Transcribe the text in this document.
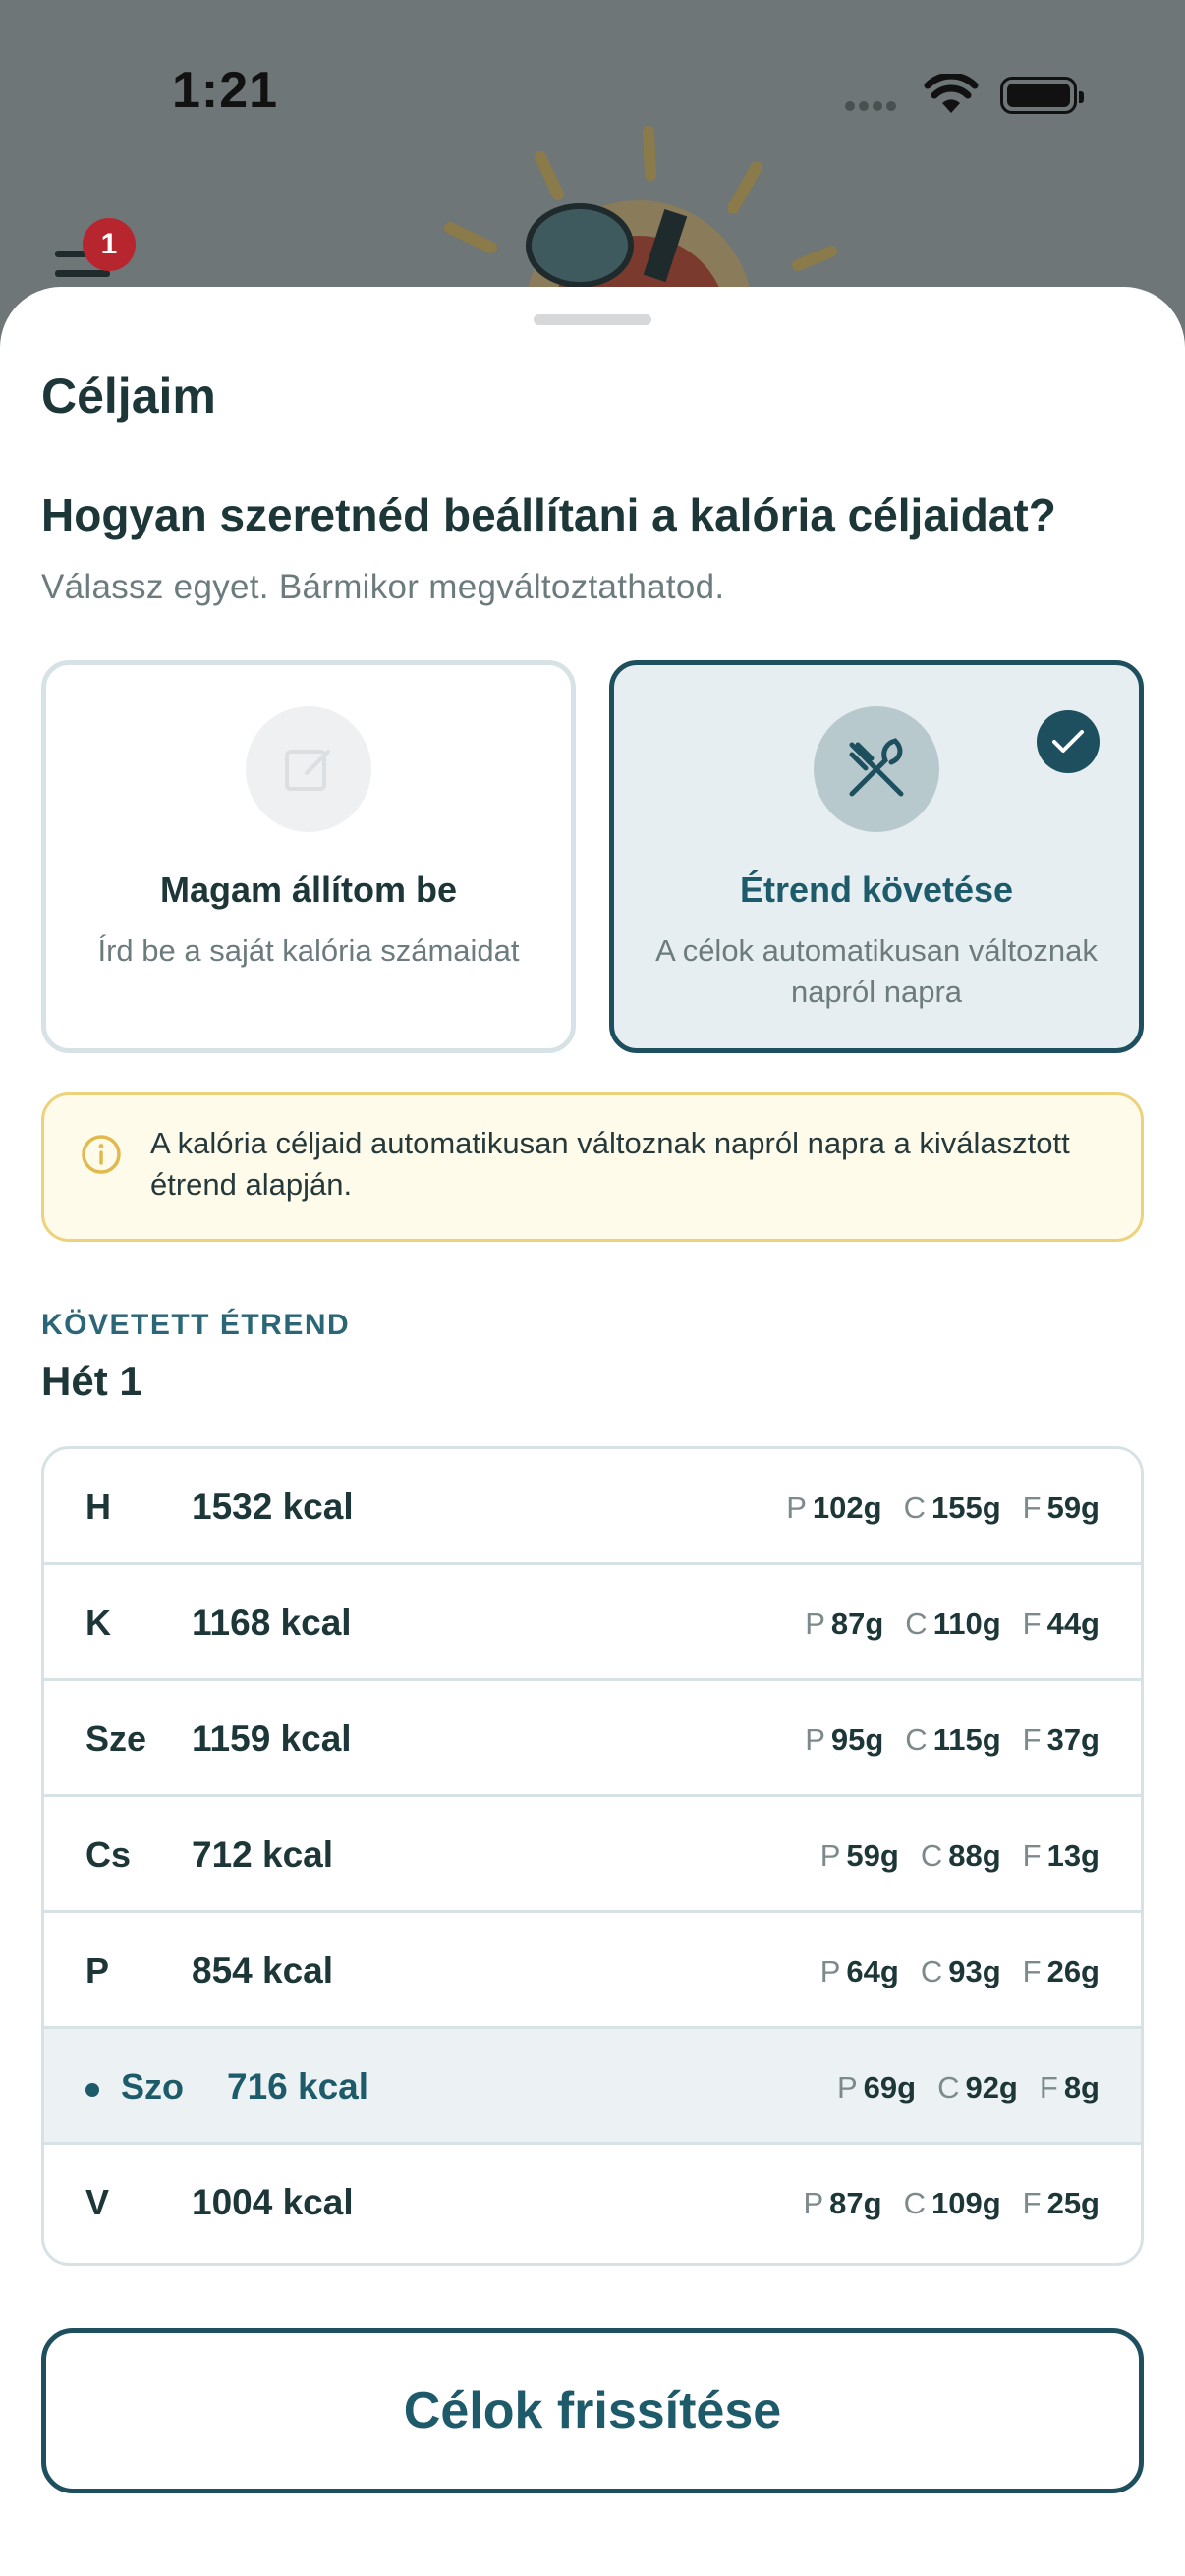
1:21
1
Céljaim
Hogyan szeretnéd beállítani a kalória céljaidat?
Válassz egyet. Bármikor megváltoztathatod.
Magam állítom be
Írd be a saját kalória számaidat
Étrend követése
A célok automatikusan változnak napról napra
A kalória céljaid automatikusan változnak napról napra a kiválasztott étrend alapján.
KÖVETETT ÉTREND
Hét 1
H 1532 kcal	P 102g C 155g F 59g
K 1168 kcal	P 87g C 110g F 44g
Sze 1159 kcal	P 95g C 115g F 37g
Cs 712 kcal	P 59g C 88g F 13g
P 854 kcal	P 64g C 93g F 26g
Szo 716 kcal	P 69g C 92g F 8g
V 1004 kcal	P 87g C 109g F 25g
Célok frissítése
